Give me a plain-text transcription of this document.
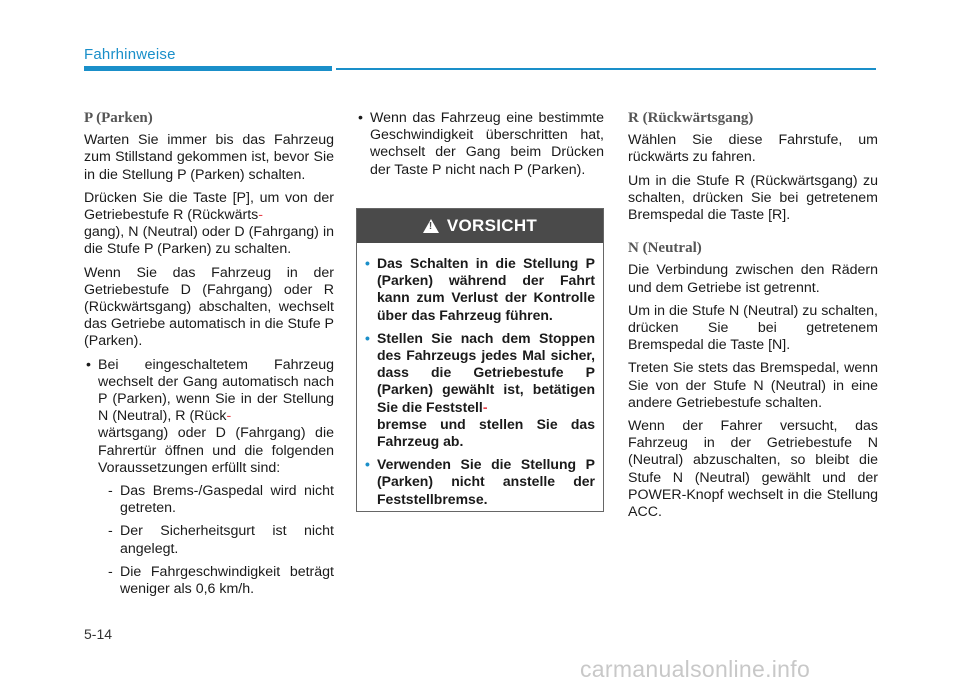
Fahrhinweise
P (Parken)

Warten Sie immer bis das Fahrzeug zum Stillstand gekommen ist, bevor Sie in die Stellung P (Parken) schalten.

Drücken Sie die Taste [P], um von der Getriebestufe R (Rückwärts-
gang), N (Neutral) oder D (Fahrgang) in die Stufe P (Parken) zu schalten.

Wenn Sie das Fahrzeug in der Getriebestufe D (Fahrgang) oder R (Rückwärtsgang) abschalten, wechselt das Getriebe automatisch in die Stufe P (Parken).

• Bei eingeschaltetem Fahrzeug wechselt der Gang automatisch nach P (Parken), wenn Sie in der Stellung N (Neutral), R (Rück-
wärtsgang) oder D (Fahrgang) die Fahrertür öffnen und die folgenden Voraussetzungen erfüllt sind:
- Das Brems-/Gaspedal wird nicht getreten.
- Der Sicherheitsgurt ist nicht angelegt.
- Die Fahrgeschwindigkeit beträgt weniger als 0,6 km/h.
• Wenn das Fahrzeug eine bestimmte Geschwindigkeit überschritten hat, wechselt der Gang beim Drücken der Taste P nicht nach P (Parken).
!
VORSICHT
• Das Schalten in die Stellung P (Parken) während der Fahrt kann zum Verlust der Kontrolle über das Fahrzeug führen.
• Stellen Sie nach dem Stoppen des Fahrzeugs jedes Mal sicher, dass die Getriebestufe P (Parken) gewählt ist, betätigen Sie die Feststell-
bremse und stellen Sie das Fahrzeug ab.
• Verwenden Sie die Stellung P (Parken) nicht anstelle der Feststellbremse.
R (Rückwärtsgang)

Wählen Sie diese Fahrstufe, um rückwärts zu fahren.

Um in die Stufe R (Rückwärtsgang) zu schalten, drücken Sie bei getretenem Bremspedal die Taste [R].

N (Neutral)

Die Verbindung zwischen den Rädern und dem Getriebe ist getrennt.

Um in die Stufe N (Neutral) zu schalten, drücken Sie bei getretenem Bremspedal die Taste [N].

Treten Sie stets das Bremspedal, wenn Sie von der Stufe N (Neutral) in eine andere Getriebestufe schalten.

Wenn der Fahrer versucht, das Fahrzeug in der Getriebestufe N (Neutral) abzuschalten, so bleibt die Stufe N (Neutral) gewählt und der POWER-Knopf wechselt in die Stellung ACC.

5-14
carmanualsonline.info
